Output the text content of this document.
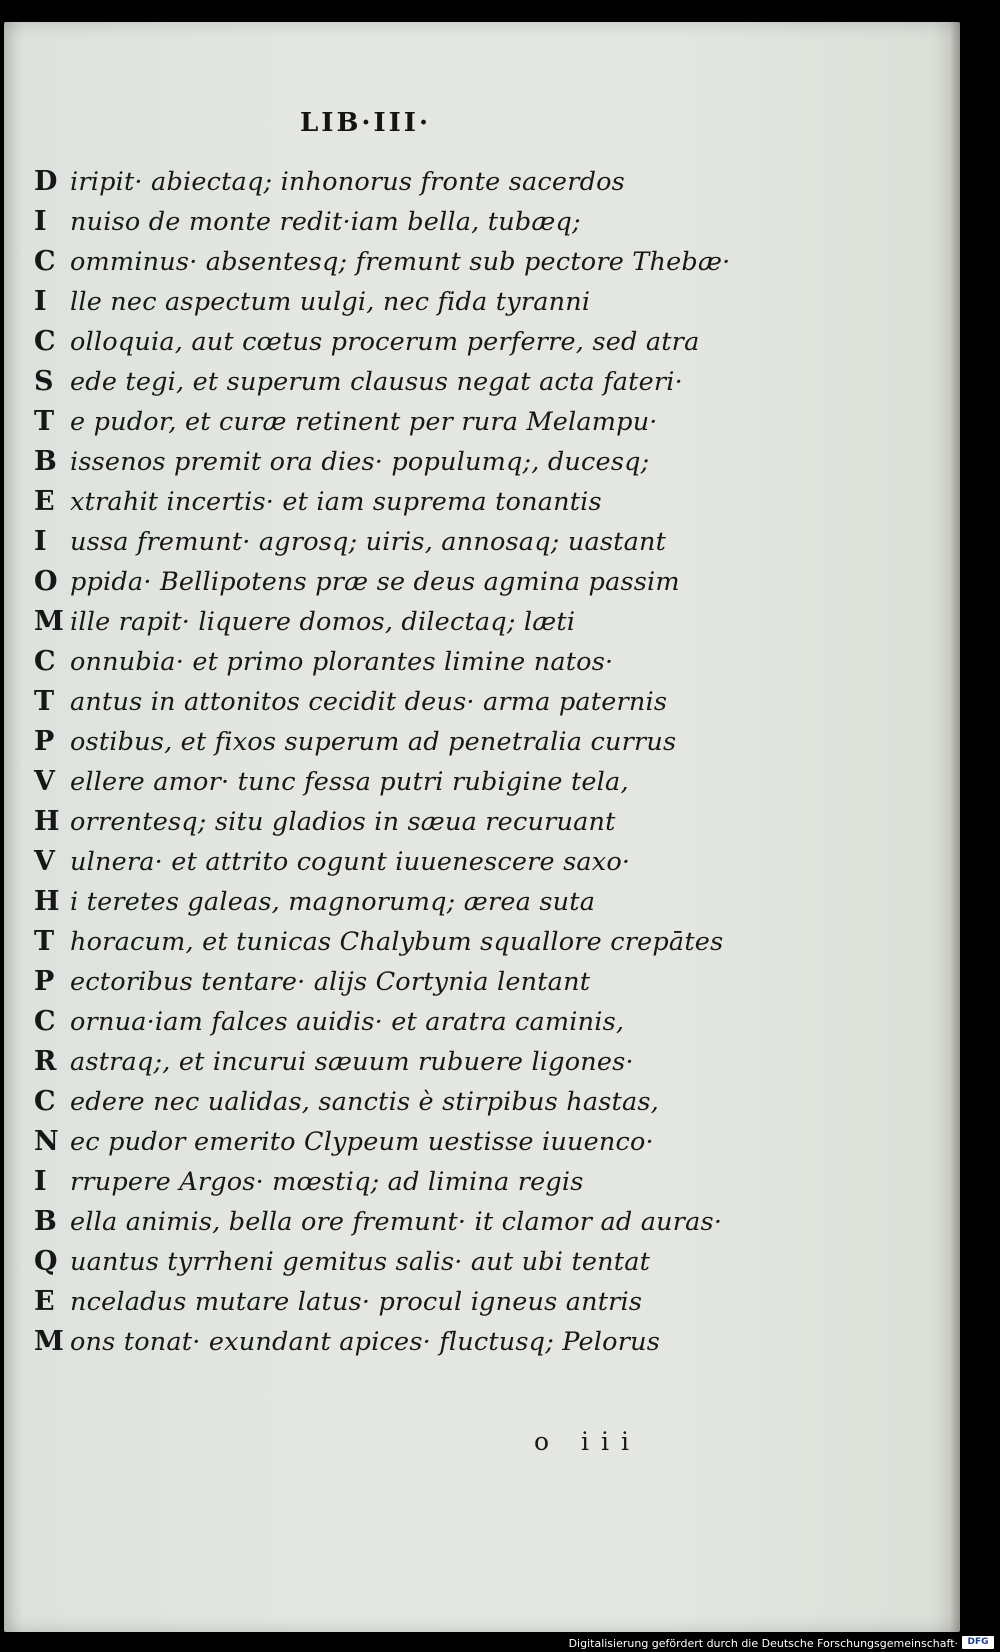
LIB·III·
D iripit· abiectaq; inhonorus fronte sacerdos
I nuiso de monte redit·iam bella, tubæq;
C omminus· absentesq; fremunt sub pectore Thebæ·
I lle nec aspectum uulgi, nec fida tyranni
C olloquia, aut cœtus procerum perferre, sed atra
S ede tegi, et superum clausus negat acta fateri·
T e pudor, et curæ retinent per rura Melampu·
B issenos premit ora dies· populumq;, ducesq;
E xtrahit incertis· et iam suprema tonantis
I ussa fremunt· agrosq; uiris, annosaq; uastant
O ppida· Bellipotens præ se deus agmina passim
M ille rapit· liquere domos, dilectaq; læti
C onnubia· et primo plorantes limine natos·
T antus in attonitos cecidit deus· arma paternis
P ostibus, et fixos superum ad penetralia currus
V ellere amor· tunc fessa putri rubigine tela,
H orrentesq; situ gladios in sæua recuruant
V ulnera· et attrito cogunt iuuenescere saxo·
H i teretes galeas, magnorumq; ærea suta
T horacum, et tunicas Chalybum squallore crepātes
P ectoribus tentare· alijs Cortynia lentant
C ornua·iam falces auidis· et aratra caminis,
R astraq;, et incurui sæuum rubuere ligones·
C edere nec ualidas, sanctis è stirpibus hastas,
N ec pudor emerito Clypeum uestisse iuuenco·
I rrupere Argos· mœstiq; ad limina regis
B ella animis, bella ore fremunt· it clamor ad auras·
Q uantus tyrrheni gemitus salis· aut ubi tentat
E nceladus mutare latus· procul igneus antris
M ons tonat· exundant apices· fluctusq; Pelorus
o iii
Digitalisierung gefördert durch die Deutsche Forschungsgemeinschaft·	DFG
